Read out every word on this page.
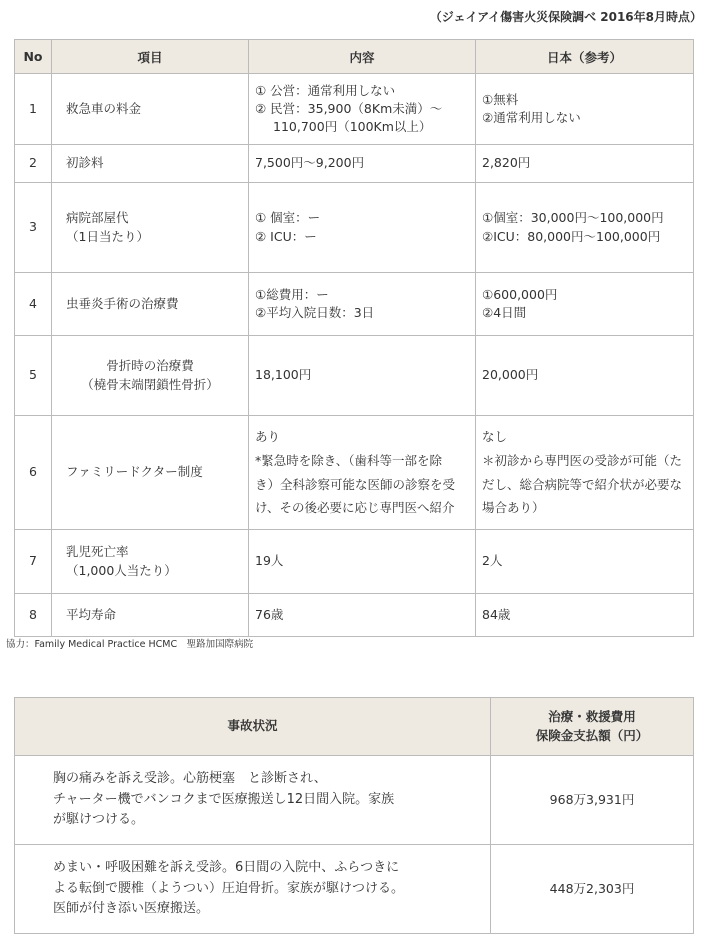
（ジェイアイ傷害火災保険調べ 2016年8月時点）
No	項目	内容	日本（参考）
1	救急車の料金	① 公営：通常利用しない
② 民営：35,900（8Km未満）〜
110,700円（100Km以上）	①無料
②通常利用しない

2	初診料	7,500円〜9,200円	2,820円

3	病院部屋代
（1日当たり）	① 個室：ー
② ICU：ー	①個室：30,000円〜100,000円
②ICU：80,000円〜100,000円

4	虫垂炎手術の治療費	①総費用：ー
②平均入院日数：3日	①600,000円
②4日間

5	骨折時の治療費
（橈骨末端閉鎖性骨折）	18,100円	20,000円

6	ファミリードクター制度	あり
*緊急時を除き、（歯科等一部を除
き）全科診察可能な医師の診察を受
け、その後必要に応じ専門医へ紹介	なし
＊初診から専門医の受診が可能（た
だし、総合病院等で紹介状が必要な
場合あり）

7	乳児死亡率
（1,000人当たり）	19人	2人

8	平均寿命	76歳	84歳
協力：Family Medical Practice HCMC　聖路加国際病院
事故状況	治療・救援費用
保険金支払額（円）

胸の痛みを訴え受診。心筋梗塞　と診断され、
チャーター機でバンコクまで医療搬送し12日間入院。家族
が駆けつける。	968万3,931円

めまい・呼吸困難を訴え受診。6日間の入院中、ふらつきに
よる転倒で腰椎（ようつい）圧迫骨折。家族が駆けつける。
医師が付き添い医療搬送。	448万2,303円
